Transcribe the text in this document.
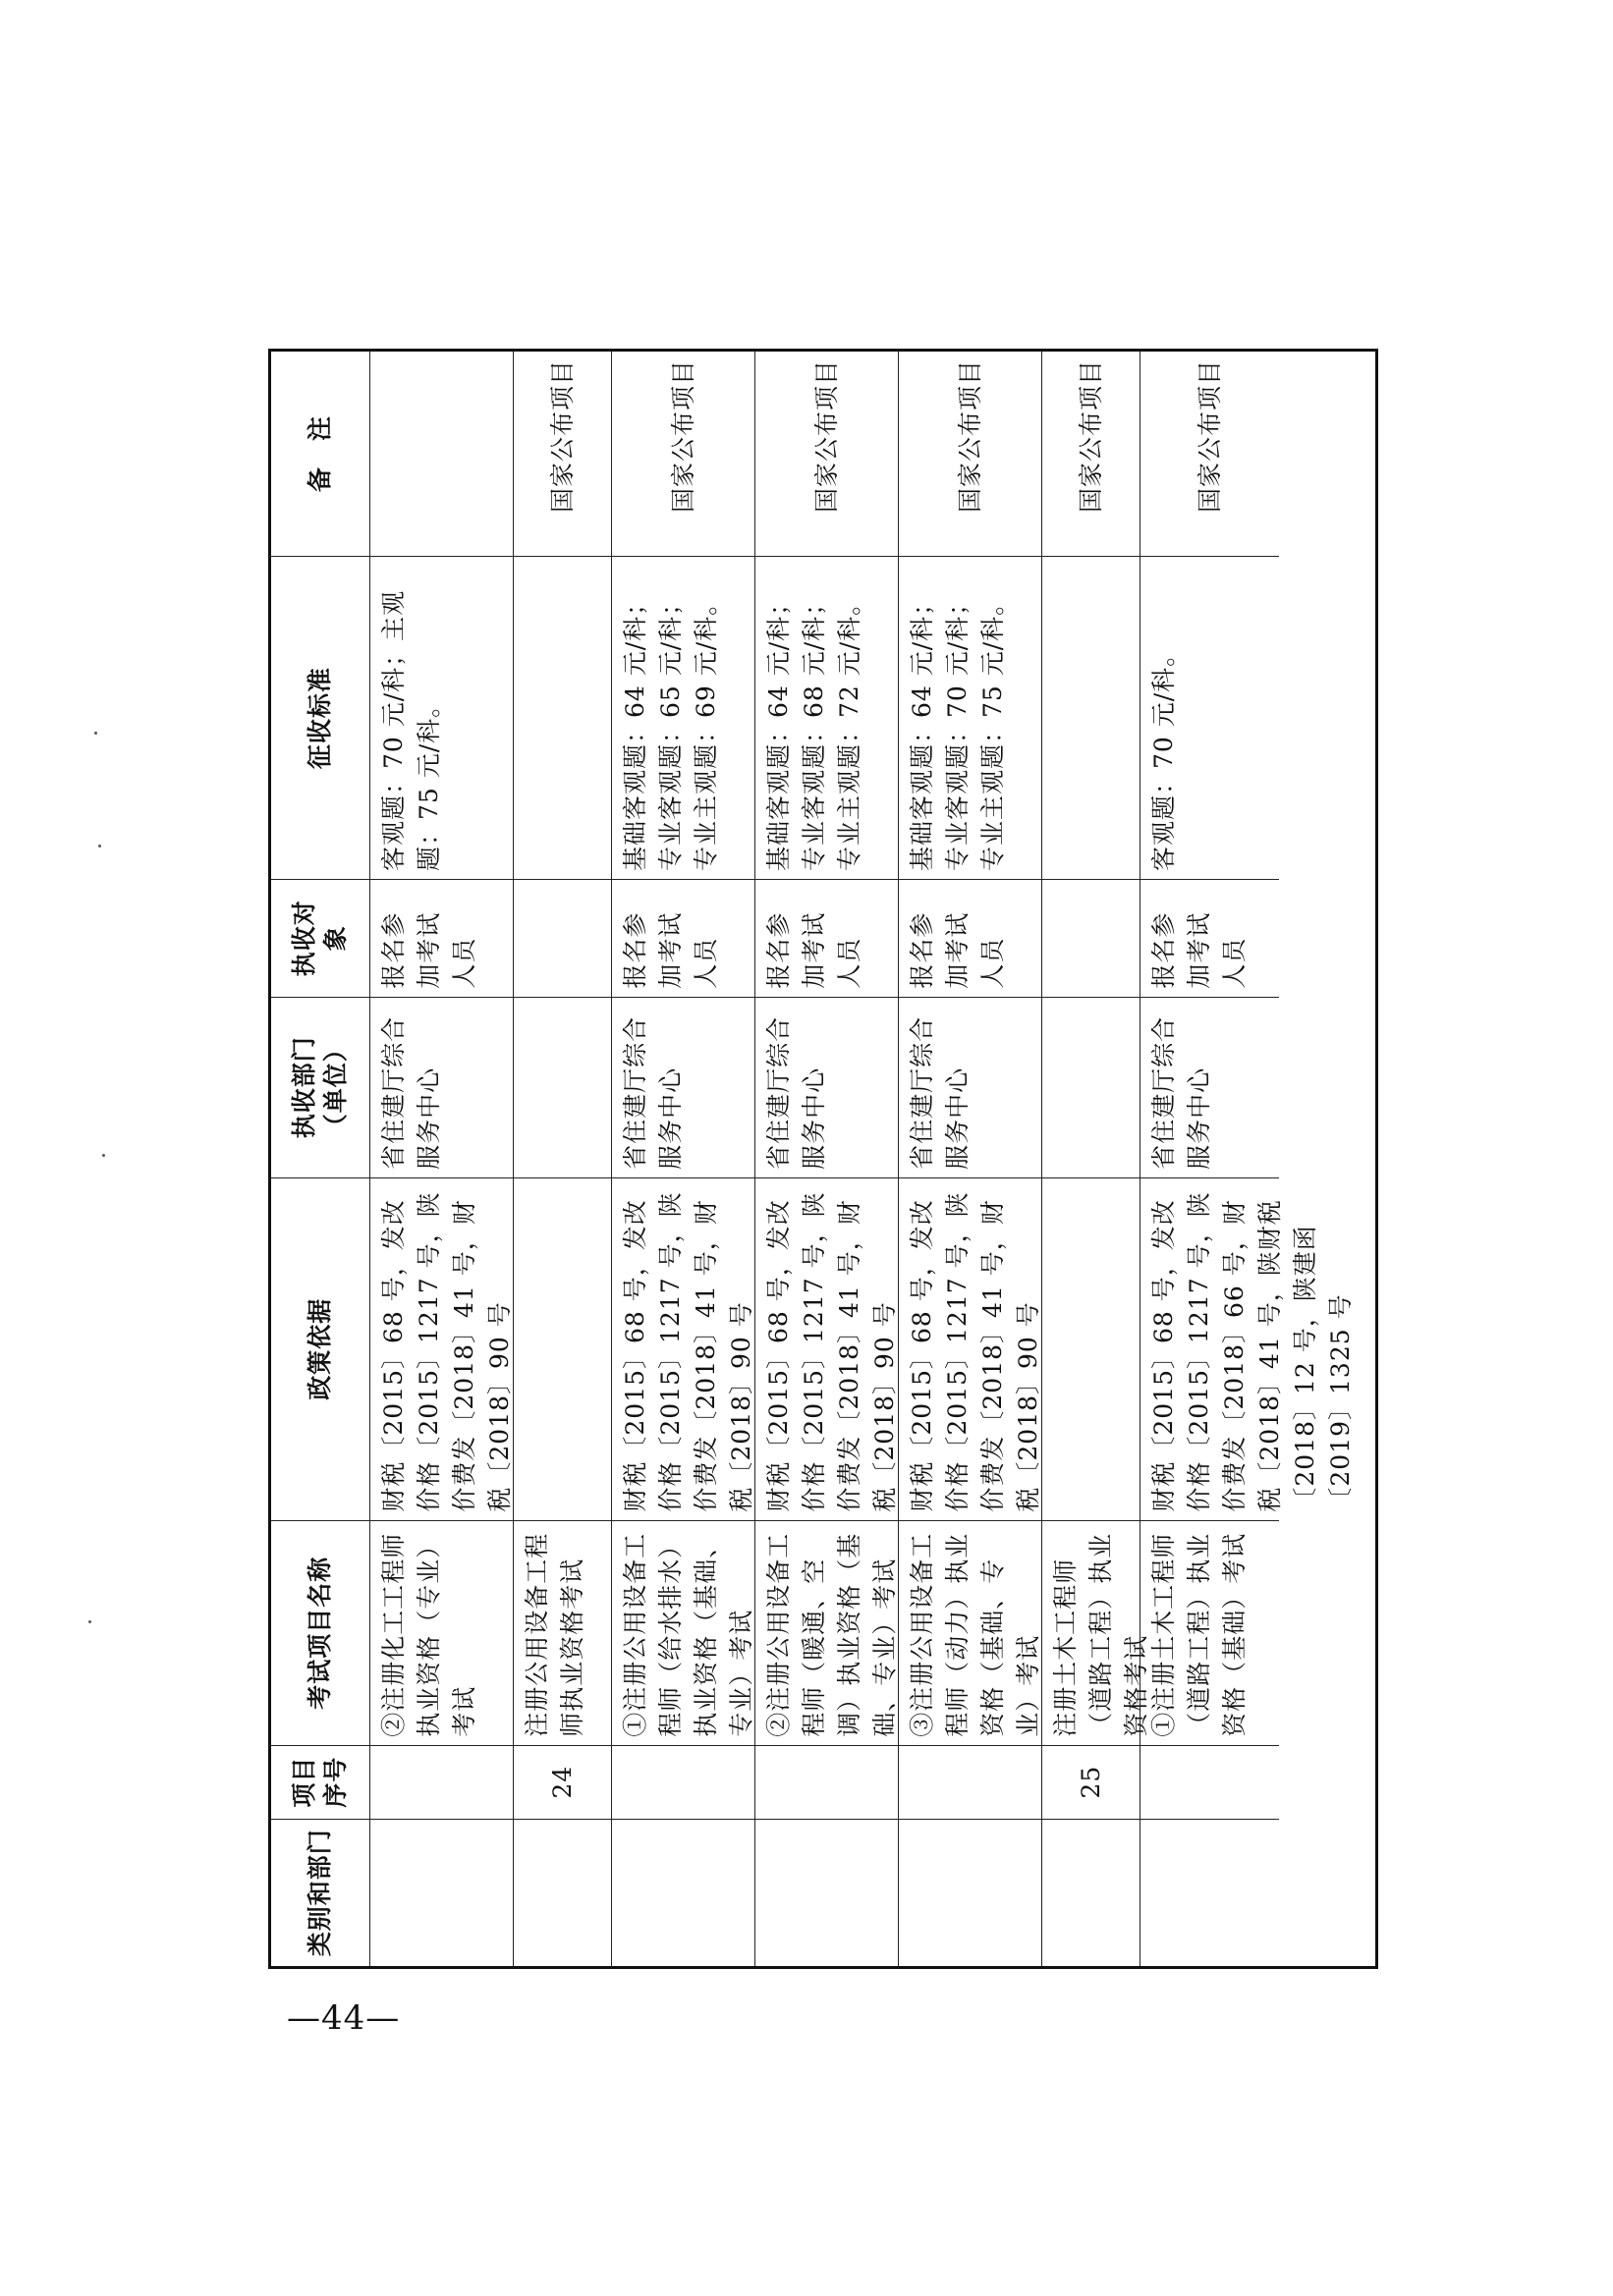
类别和部门
项目 序号
考试项目名称
政策依据
执收部门 （单位）
执收对象
征收标准
备　注
②注册化工工程师执业资格（专业）考试
财税〔2015〕68 号，发改价格〔2015〕1217 号，陕价费发〔2018〕41 号，财税〔2018〕90 号
省住建厅综合服务中心
报名参加考试人员
客观题：70 元/科；主观题：75 元/科。
24
注册公用设备工程师执业资格考试
国家公布项目
①注册公用设备工程师（给水排水）执业资格（基础、专业）考试
财税〔2015〕68 号，发改价格〔2015〕1217 号，陕价费发〔2018〕41 号，财税〔2018〕90 号
省住建厅综合服务中心
报名参加考试人员
基础客观题：64 元/科；专业客观题：65 元/科；专业主观题：69 元/科。
国家公布项目
②注册公用设备工程师（暖通、空调）执业资格（基础、专业）考试
财税〔2015〕68 号，发改价格〔2015〕1217 号，陕价费发〔2018〕41 号，财税〔2018〕90 号
省住建厅综合服务中心
报名参加考试人员
基础客观题：64 元/科；专业客观题：68 元/科；专业主观题：72 元/科。
国家公布项目
③注册公用设备工程师（动力）执业资格（基础、专业）考试
财税〔2015〕68 号，发改价格〔2015〕1217 号，陕价费发〔2018〕41 号，财税〔2018〕90 号
省住建厅综合服务中心
报名参加考试人员
基础客观题：64 元/科；专业客观题：70 元/科；专业主观题：75 元/科。
国家公布项目
25
注册土木工程师（道路工程）执业资格考试
国家公布项目
①注册土木工程师（道路工程）执业资格（基础）考试
财税〔2015〕68 号，发改价格〔2015〕1217 号，陕价费发〔2018〕66 号，财税〔2018〕41 号，陕财税〔2018〕12 号，陕建函〔2019〕1325 号
省住建厅综合服务中心
报名参加考试人员
客观题：70 元/科。
国家公布项目
—44—
